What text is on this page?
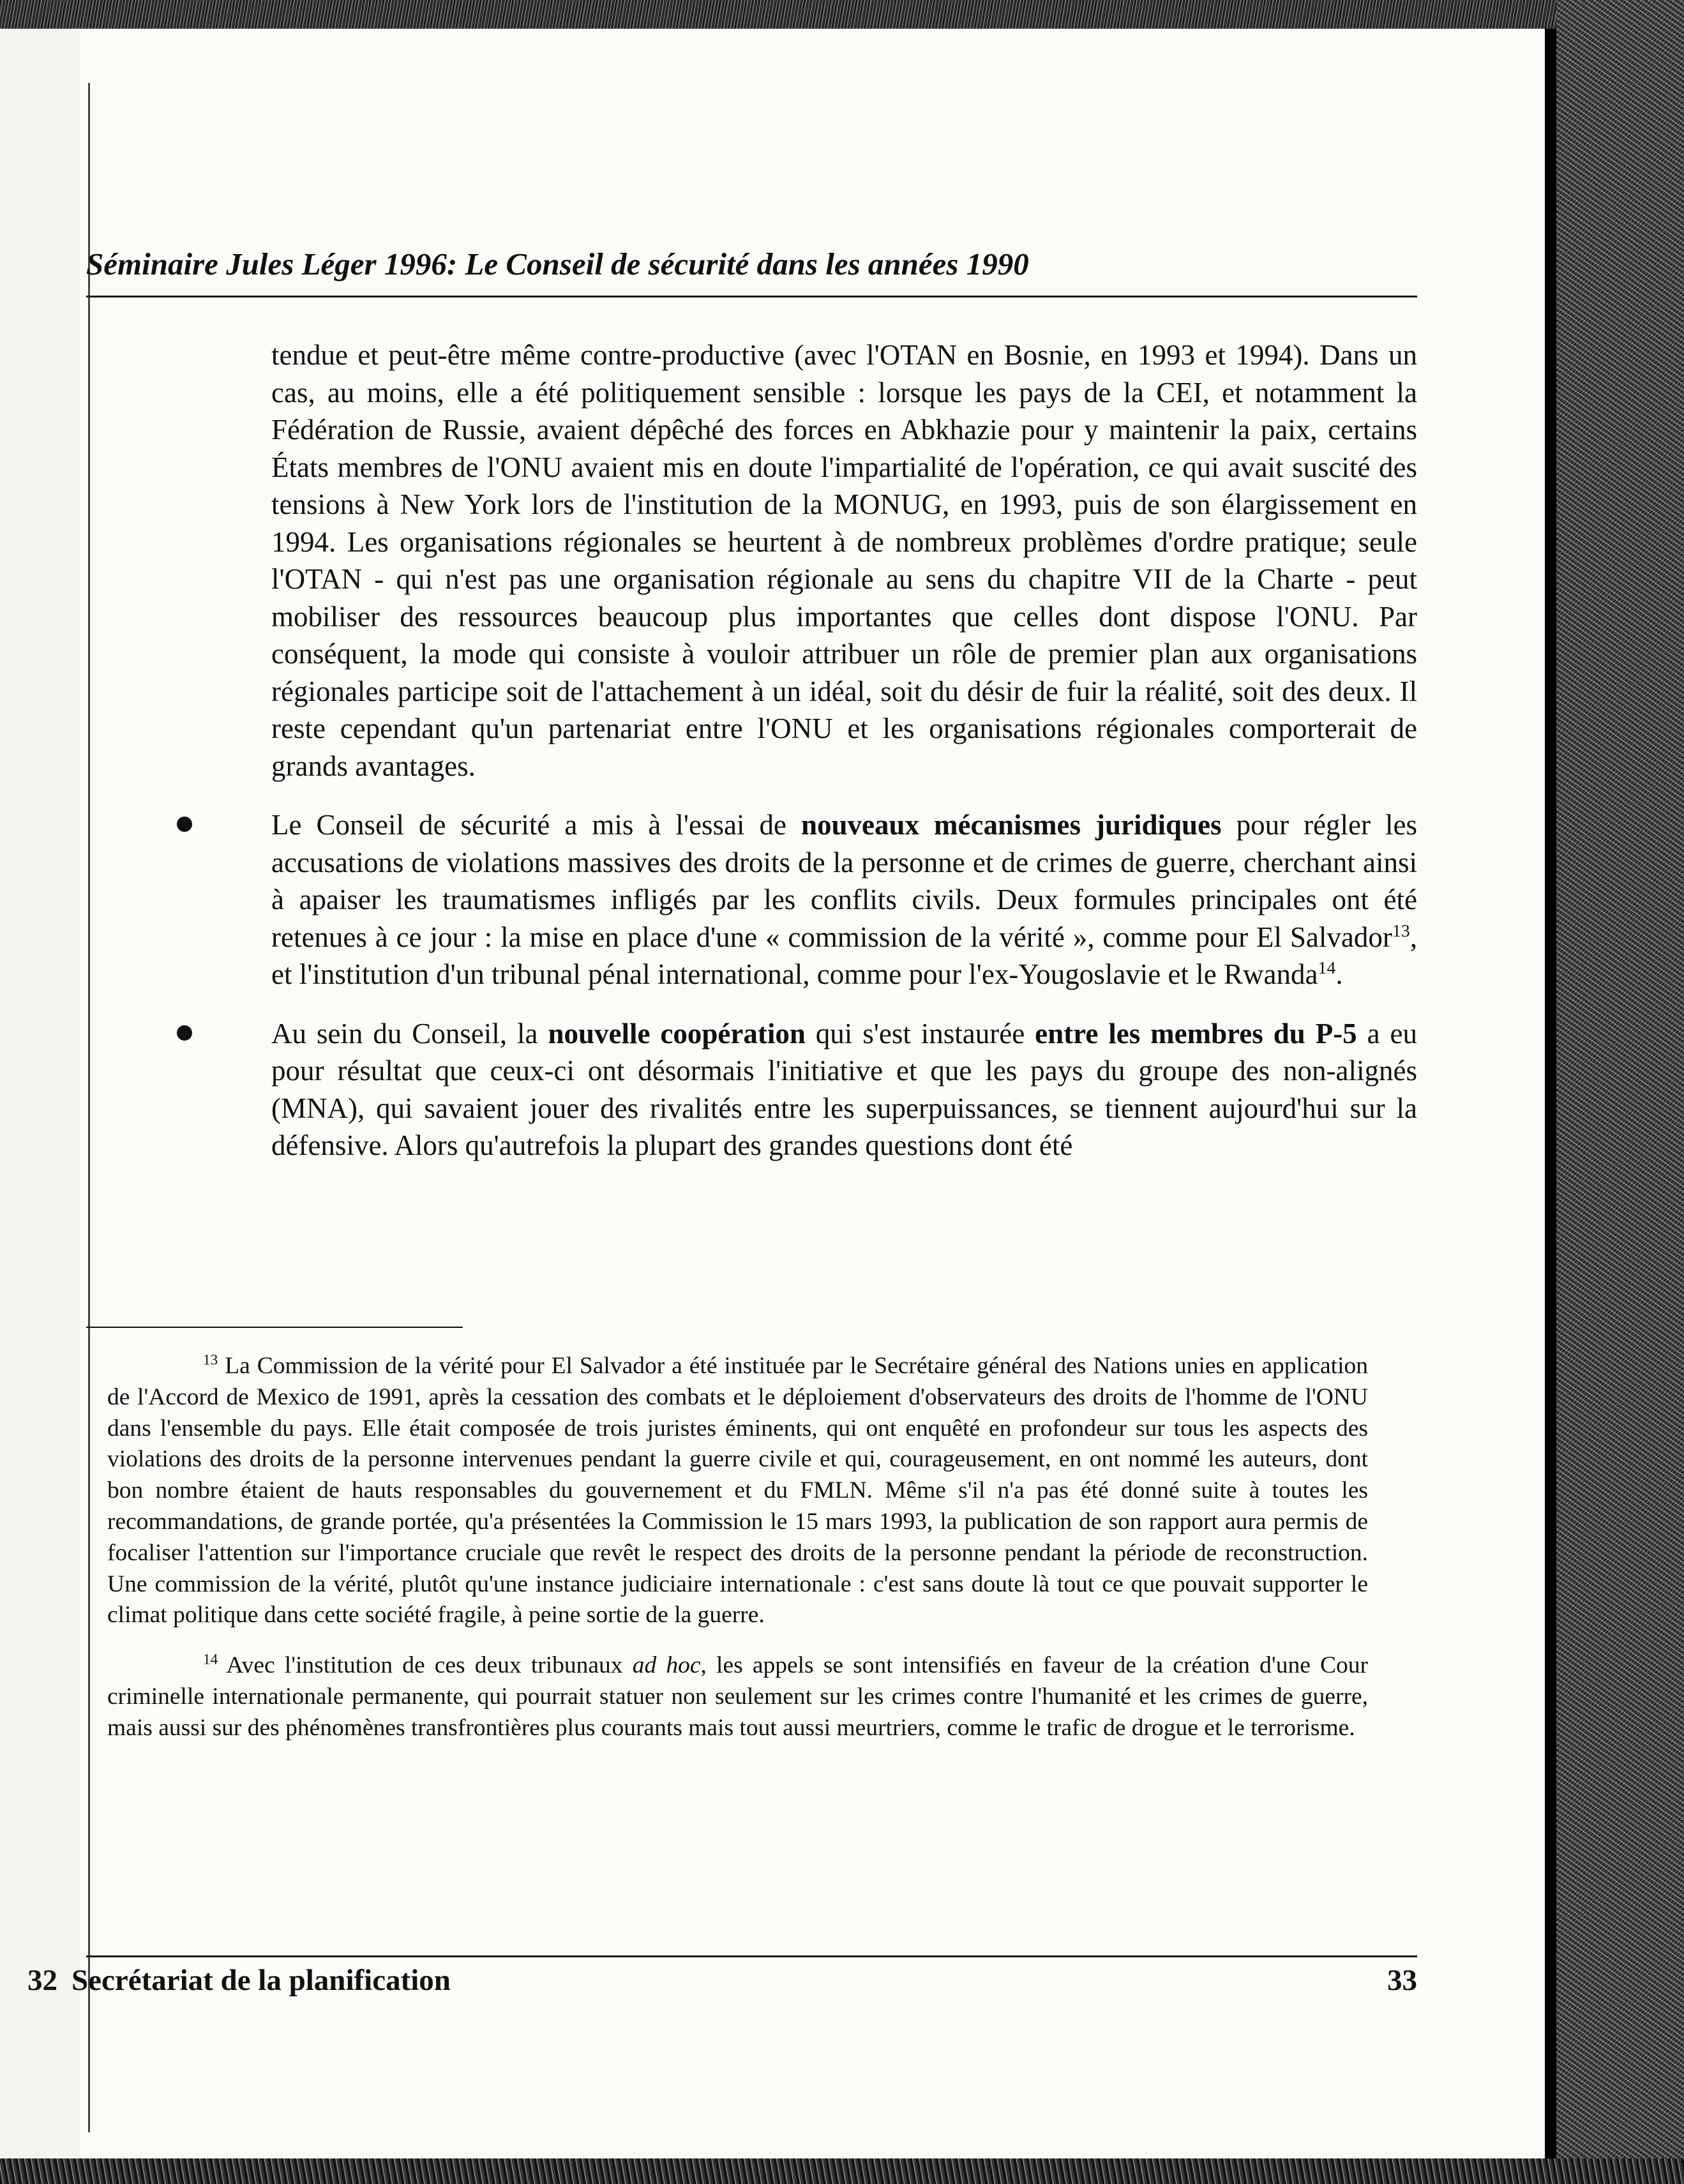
Séminaire Jules Léger 1996: Le Conseil de sécurité dans les années 1990

tendue et peut-être même contre-productive (avec l'OTAN en Bosnie, en 1993 et 1994). Dans un cas, au moins, elle a été politiquement sensible : lorsque les pays de la CEI, et notamment la Fédération de Russie, avaient dépêché des forces en Abkhazie pour y maintenir la paix, certains États membres de l'ONU avaient mis en doute l'impartialité de l'opération, ce qui avait suscité des tensions à New York lors de l'institution de la MONUG, en 1993, puis de son élargissement en 1994. Les organisations régionales se heurtent à de nombreux problèmes d'ordre pratique; seule l'OTAN - qui n'est pas une organisation régionale au sens du chapitre VII de la Charte - peut mobiliser des ressources beaucoup plus importantes que celles dont dispose l'ONU. Par conséquent, la mode qui consiste à vouloir attribuer un rôle de premier plan aux organisations régionales participe soit de l'attachement à un idéal, soit du désir de fuir la réalité, soit des deux. Il reste cependant qu'un partenariat entre l'ONU et les organisations régionales comporterait de grands avantages.

Le Conseil de sécurité a mis à l'essai de nouveaux mécanismes juridiques pour régler les accusations de violations massives des droits de la personne et de crimes de guerre, cherchant ainsi à apaiser les traumatismes infligés par les conflits civils. Deux formules principales ont été retenues à ce jour : la mise en place d'une « commission de la vérité », comme pour El Salvador$^{13}$, et l'institution d'un tribunal pénal international, comme pour l'ex-Yougoslavie et le Rwanda$^{14}$.

Au sein du Conseil, la nouvelle coopération qui s'est instaurée entre les membres du P-5 a eu pour résultat que ceux-ci ont désormais l'initiative et que les pays du groupe des non-alignés (MNA), qui savaient jouer des rivalités entre les superpuissances, se tiennent aujourd'hui sur la défensive. Alors qu'autrefois la plupart des grandes questions dont été

$^{13}$ La Commission de la vérité pour El Salvador a été instituée par le Secrétaire général des Nations unies en application de l'Accord de Mexico de 1991, après la cessation des combats et le déploiement d'observateurs des droits de l'homme de l'ONU dans l'ensemble du pays. Elle était composée de trois juristes éminents, qui ont enquêté en profondeur sur tous les aspects des violations des droits de la personne intervenues pendant la guerre civile et qui, courageusement, en ont nommé les auteurs, dont bon nombre étaient de hauts responsables du gouvernement et du FMLN. Même s'il n'a pas été donné suite à toutes les recommandations, de grande portée, qu'a présentées la Commission le 15 mars 1993, la publication de son rapport aura permis de focaliser l'attention sur l'importance cruciale que revêt le respect des droits de la personne pendant la période de reconstruction. Une commission de la vérité, plutôt qu'une instance judiciaire internationale : c'est sans doute là tout ce que pouvait supporter le climat politique dans cette société fragile, à peine sortie de la guerre.

$^{14}$ Avec l'institution de ces deux tribunaux ad hoc, les appels se sont intensifiés en faveur de la création d'une Cour criminelle internationale permanente, qui pourrait statuer non seulement sur les crimes contre l'humanité et les crimes de guerre, mais aussi sur des phénomènes transfrontières plus courants mais tout aussi meurtriers, comme le trafic de drogue et le terrorisme.

32 Secrétariat de la planification	33
